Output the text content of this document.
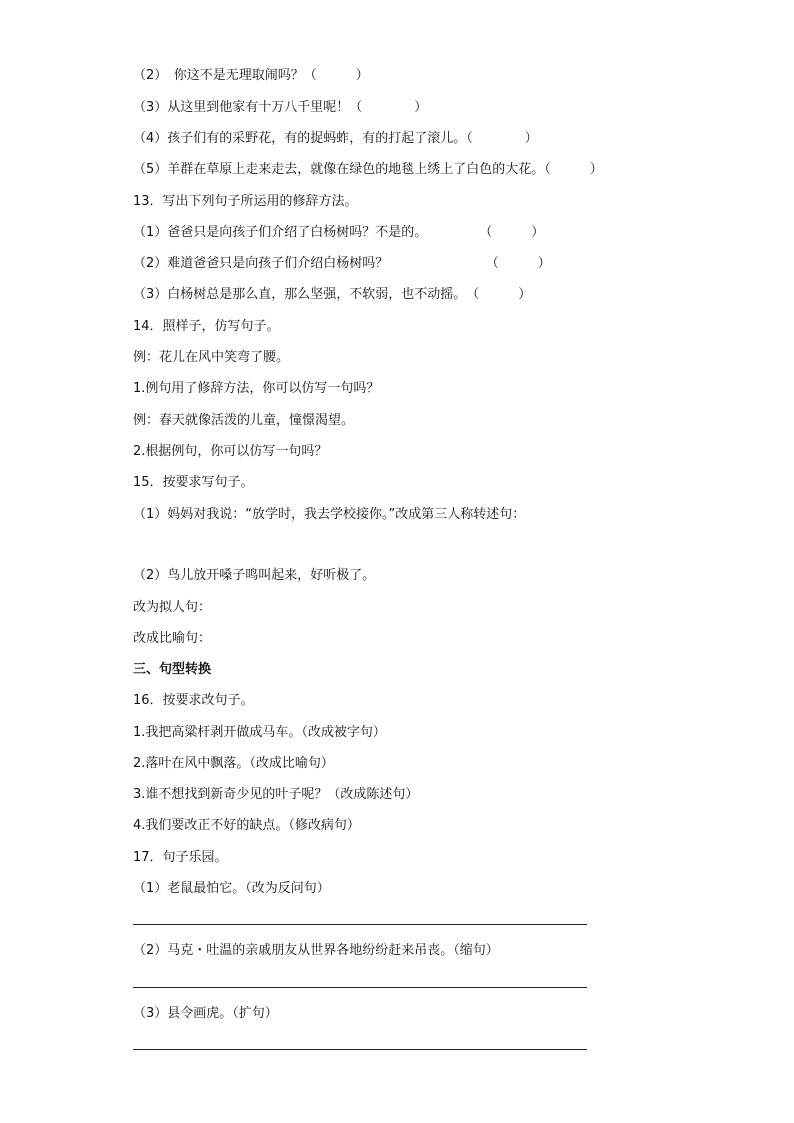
（2）　你这不是无理取闹吗？（　　　）
（3）从这里到他家有十万八千里呢！（　　　　）
（4）孩子们有的采野花，有的捉蚂蚱，有的打起了滚儿。（　　　　）
（5）羊群在草原上走来走去，就像在绿色的地毯上绣上了白色的大花。（　　　）
13．写出下列句子所运用的修辞方法。
（1）爸爸只是向孩子们介绍了白杨树吗？不是的。　　　　　（　　　）
（2）难道爸爸只是向孩子们介绍白杨树吗？　　　　　　　　（　　　）
（3）白杨树总是那么直，那么坚强，不软弱，也不动摇。　（　　　）
14．照样子，仿写句子。
例：花儿在风中笑弯了腰。
1.例句用了修辞方法，你可以仿写一句吗？
例：春天就像活泼的儿童，憧憬渴望。
2.根据例句，你可以仿写一句吗？
15．按要求写句子。
（1）妈妈对我说：“放学时，我去学校接你。”改成第三人称转述句：
（2）鸟儿放开嗓子鸣叫起来，好听极了。
改为拟人句：
改成比喻句：
三、句型转换
16．按要求改句子。
1.我把高粱杆剥开做成马车。（改成被字句）
2.落叶在风中飘落。（改成比喻句）
3.谁不想找到新奇少见的叶子呢？（改成陈述句）
4.我们要改正不好的缺点。（修改病句）
17．句子乐园。
（1）老鼠最怕它。（改为反问句）
（2）马克・吐温的亲戚朋友从世界各地纷纷赶来吊丧。（缩句）
（3）县令画虎。（扩句）
